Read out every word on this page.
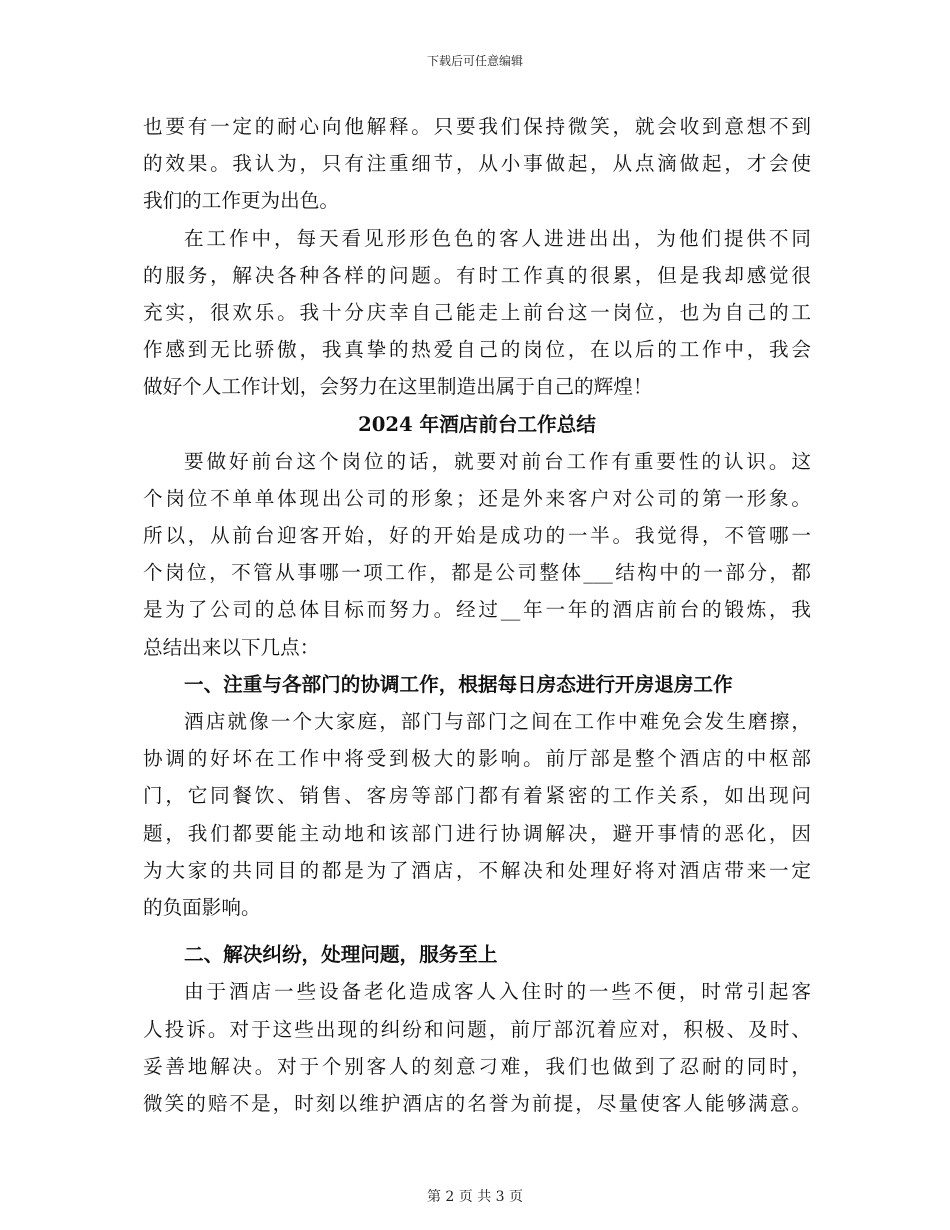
下载后可任意编辑
也要有一定的耐心向他解释。只要我们保持微笑，就会收到意想不到
的效果。我认为，只有注重细节，从小事做起，从点滴做起，才会使
我们的工作更为出色。
在工作中，每天看见形形色色的客人进进出出，为他们提供不同
的服务，解决各种各样的问题。有时工作真的很累，但是我却感觉很
充实，很欢乐。我十分庆幸自己能走上前台这一岗位，也为自己的工
作感到无比骄傲，我真挚的热爱自己的岗位，在以后的工作中，我会
做好个人工作计划，会努力在这里制造出属于自己的辉煌！
2024 年酒店前台工作总结
要做好前台这个岗位的话，就要对前台工作有重要性的认识。这
个岗位不单单体现出公司的形象；还是外来客户对公司的第一形象。
所以，从前台迎客开始，好的开始是成功的一半。我觉得，不管哪一
个岗位，不管从事哪一项工作，都是公司整体___结构中的一部分，都
是为了公司的总体目标而努力。经过__年一年的酒店前台的锻炼，我
总结出来以下几点：
一、注重与各部门的协调工作，根据每日房态进行开房退房工作
酒店就像一个大家庭，部门与部门之间在工作中难免会发生磨擦，
协调的好坏在工作中将受到极大的影响。前厅部是整个酒店的中枢部
门，它同餐饮、销售、客房等部门都有着紧密的工作关系，如出现问
题，我们都要能主动地和该部门进行协调解决，避开事情的恶化，因
为大家的共同目的都是为了酒店，不解决和处理好将对酒店带来一定
的负面影响。
二、解决纠纷，处理问题，服务至上
由于酒店一些设备老化造成客人入住时的一些不便，时常引起客
人投诉。对于这些出现的纠纷和问题，前厅部沉着应对，积极、及时、
妥善地解决。对于个别客人的刻意刁难，我们也做到了忍耐的同时，
微笑的赔不是，时刻以维护酒店的名誉为前提，尽量使客人能够满意。
第 2 页 共 3 页
